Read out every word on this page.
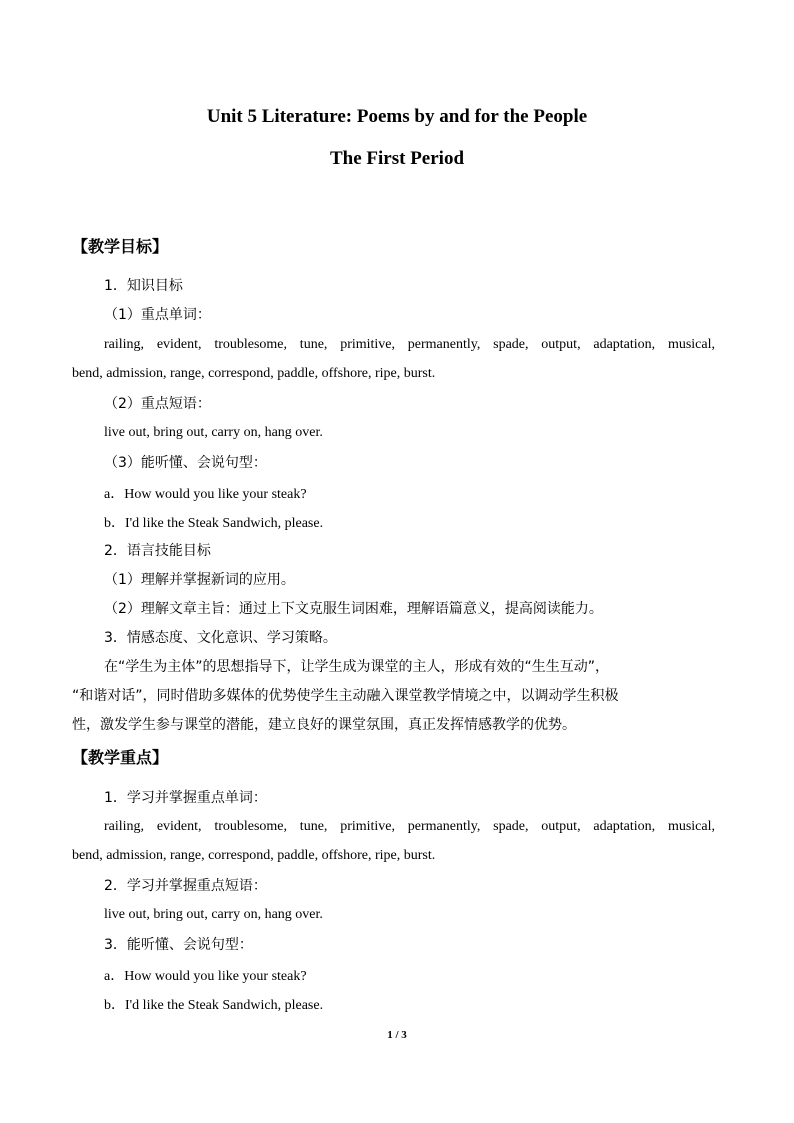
Unit 5 Literature: Poems by and for the People
The First Period
【教学目标】
1．知识目标
（1）重点单词：
railing, evident, troublesome, tune, primitive, permanently, spade, output, adaptation, musical,
bend, admission, range, correspond, paddle, offshore, ripe, burst.
（2）重点短语：
live out, bring out, carry on, hang over.
（3）能听懂、会说句型：
a．How would you like your steak?
b．I'd like the Steak Sandwich, please.
2．语言技能目标
（1）理解并掌握新词的应用。
（2）理解文章主旨：通过上下文克服生词困难，理解语篇意义，提高阅读能力。
3．情感态度、文化意识、学习策略。
在“学生为主体”的思想指导下，让学生成为课堂的主人，形成有效的“生生互动”，
“和谐对话”，同时借助多媒体的优势使学生主动融入课堂教学情境之中，以调动学生积极
性，激发学生参与课堂的潜能，建立良好的课堂氛围，真正发挥情感教学的优势。
【教学重点】
1．学习并掌握重点单词：
railing, evident, troublesome, tune, primitive, permanently, spade, output, adaptation, musical,
bend, admission, range, correspond, paddle, offshore, ripe, burst.
2．学习并掌握重点短语：
live out, bring out, carry on, hang over.
3．能听懂、会说句型：
a．How would you like your steak?
b．I'd like the Steak Sandwich, please.
1 / 3
